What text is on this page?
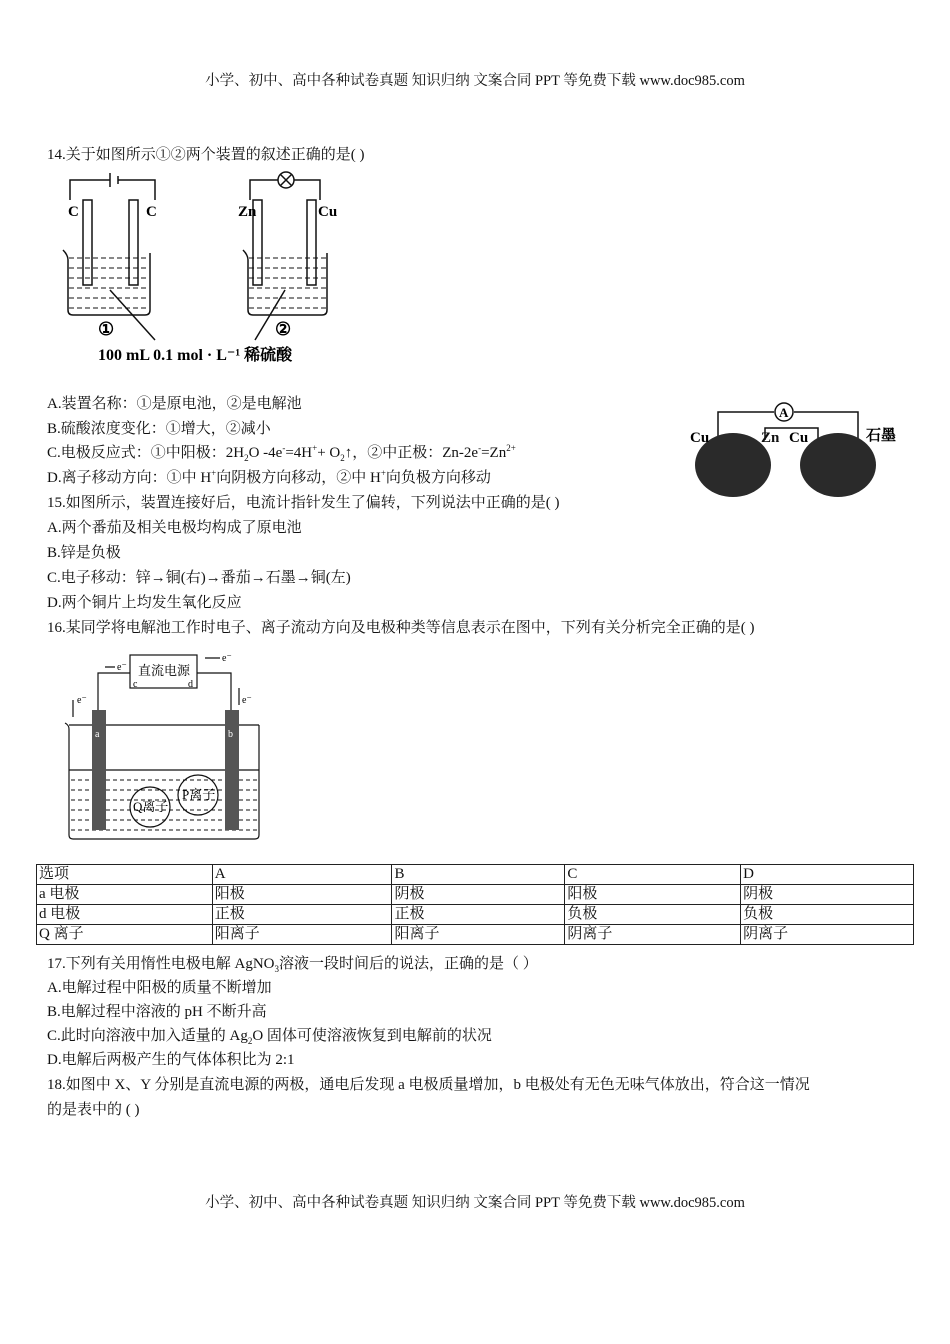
小学、初中、高中各种试卷真题 知识归纳 文案合同 PPT 等免费下载 www.doc985.com
14.关于如图所示①②两个装置的叙述正确的是( )
C	C	Zn	Cu
①	②
100 mL 0.1 mol · L⁻¹ 稀硫酸
A.装置名称：①是原电池，②是电解池
B.硫酸浓度变化：①增大，②减小
C.电极反应式：①中阳极：$2H_2O$ $-4e^-=4H^++ O_2↑$，②中正极：$Zn-2e^-=Zn^{2+}$
D.离子移动方向：①中 H+向阴极方向移动，②中 H+向负极方向移动
A
Cu	Zn Cu	石墨
15.如图所示，装置连接好后，电流计指针发生了偏转，下列说法中正确的是( )
A.两个番茄及相关电极均构成了原电池
B.锌是负极
C.电子移动：锌→铜(右)→番茄→石墨→铜(左)
D.两个铜片上均发生氧化反应
16.某同学将电解池工作时电子、离子流动方向及电极种类等信息表示在图中，下列有关分析完全正确的是( )
直流电源
c	d
a	b
e⁻
e⁻
e⁻	e⁻
Q离子
P离子
选项	A	B	C	D
a 电极	阳极	阴极	阳极	阴极
d 电极	正极	正极	负极	负极
Q 离子	阳离子	阳离子	阴离子	阴离子
17.下列有关用惰性电极电解 AgNO$_3$溶液一段时间后的说法，正确的是（ ）
A.电解过程中阳极的质量不断增加
B.电解过程中溶液的 pH 不断升高
C.此时向溶液中加入适量的 $Ag_2O$ 固体可使溶液恢复到电解前的状况
D.电解后两极产生的气体体积比为 2:1
18.如图中 X、Y 分别是直流电源的两极，通电后发现 a 电极质量增加，b 电极处有无色无味气体放出，符合这一情况
的是表中的 ( )
小学、初中、高中各种试卷真题 知识归纳 文案合同 PPT 等免费下载 www.doc985.com
